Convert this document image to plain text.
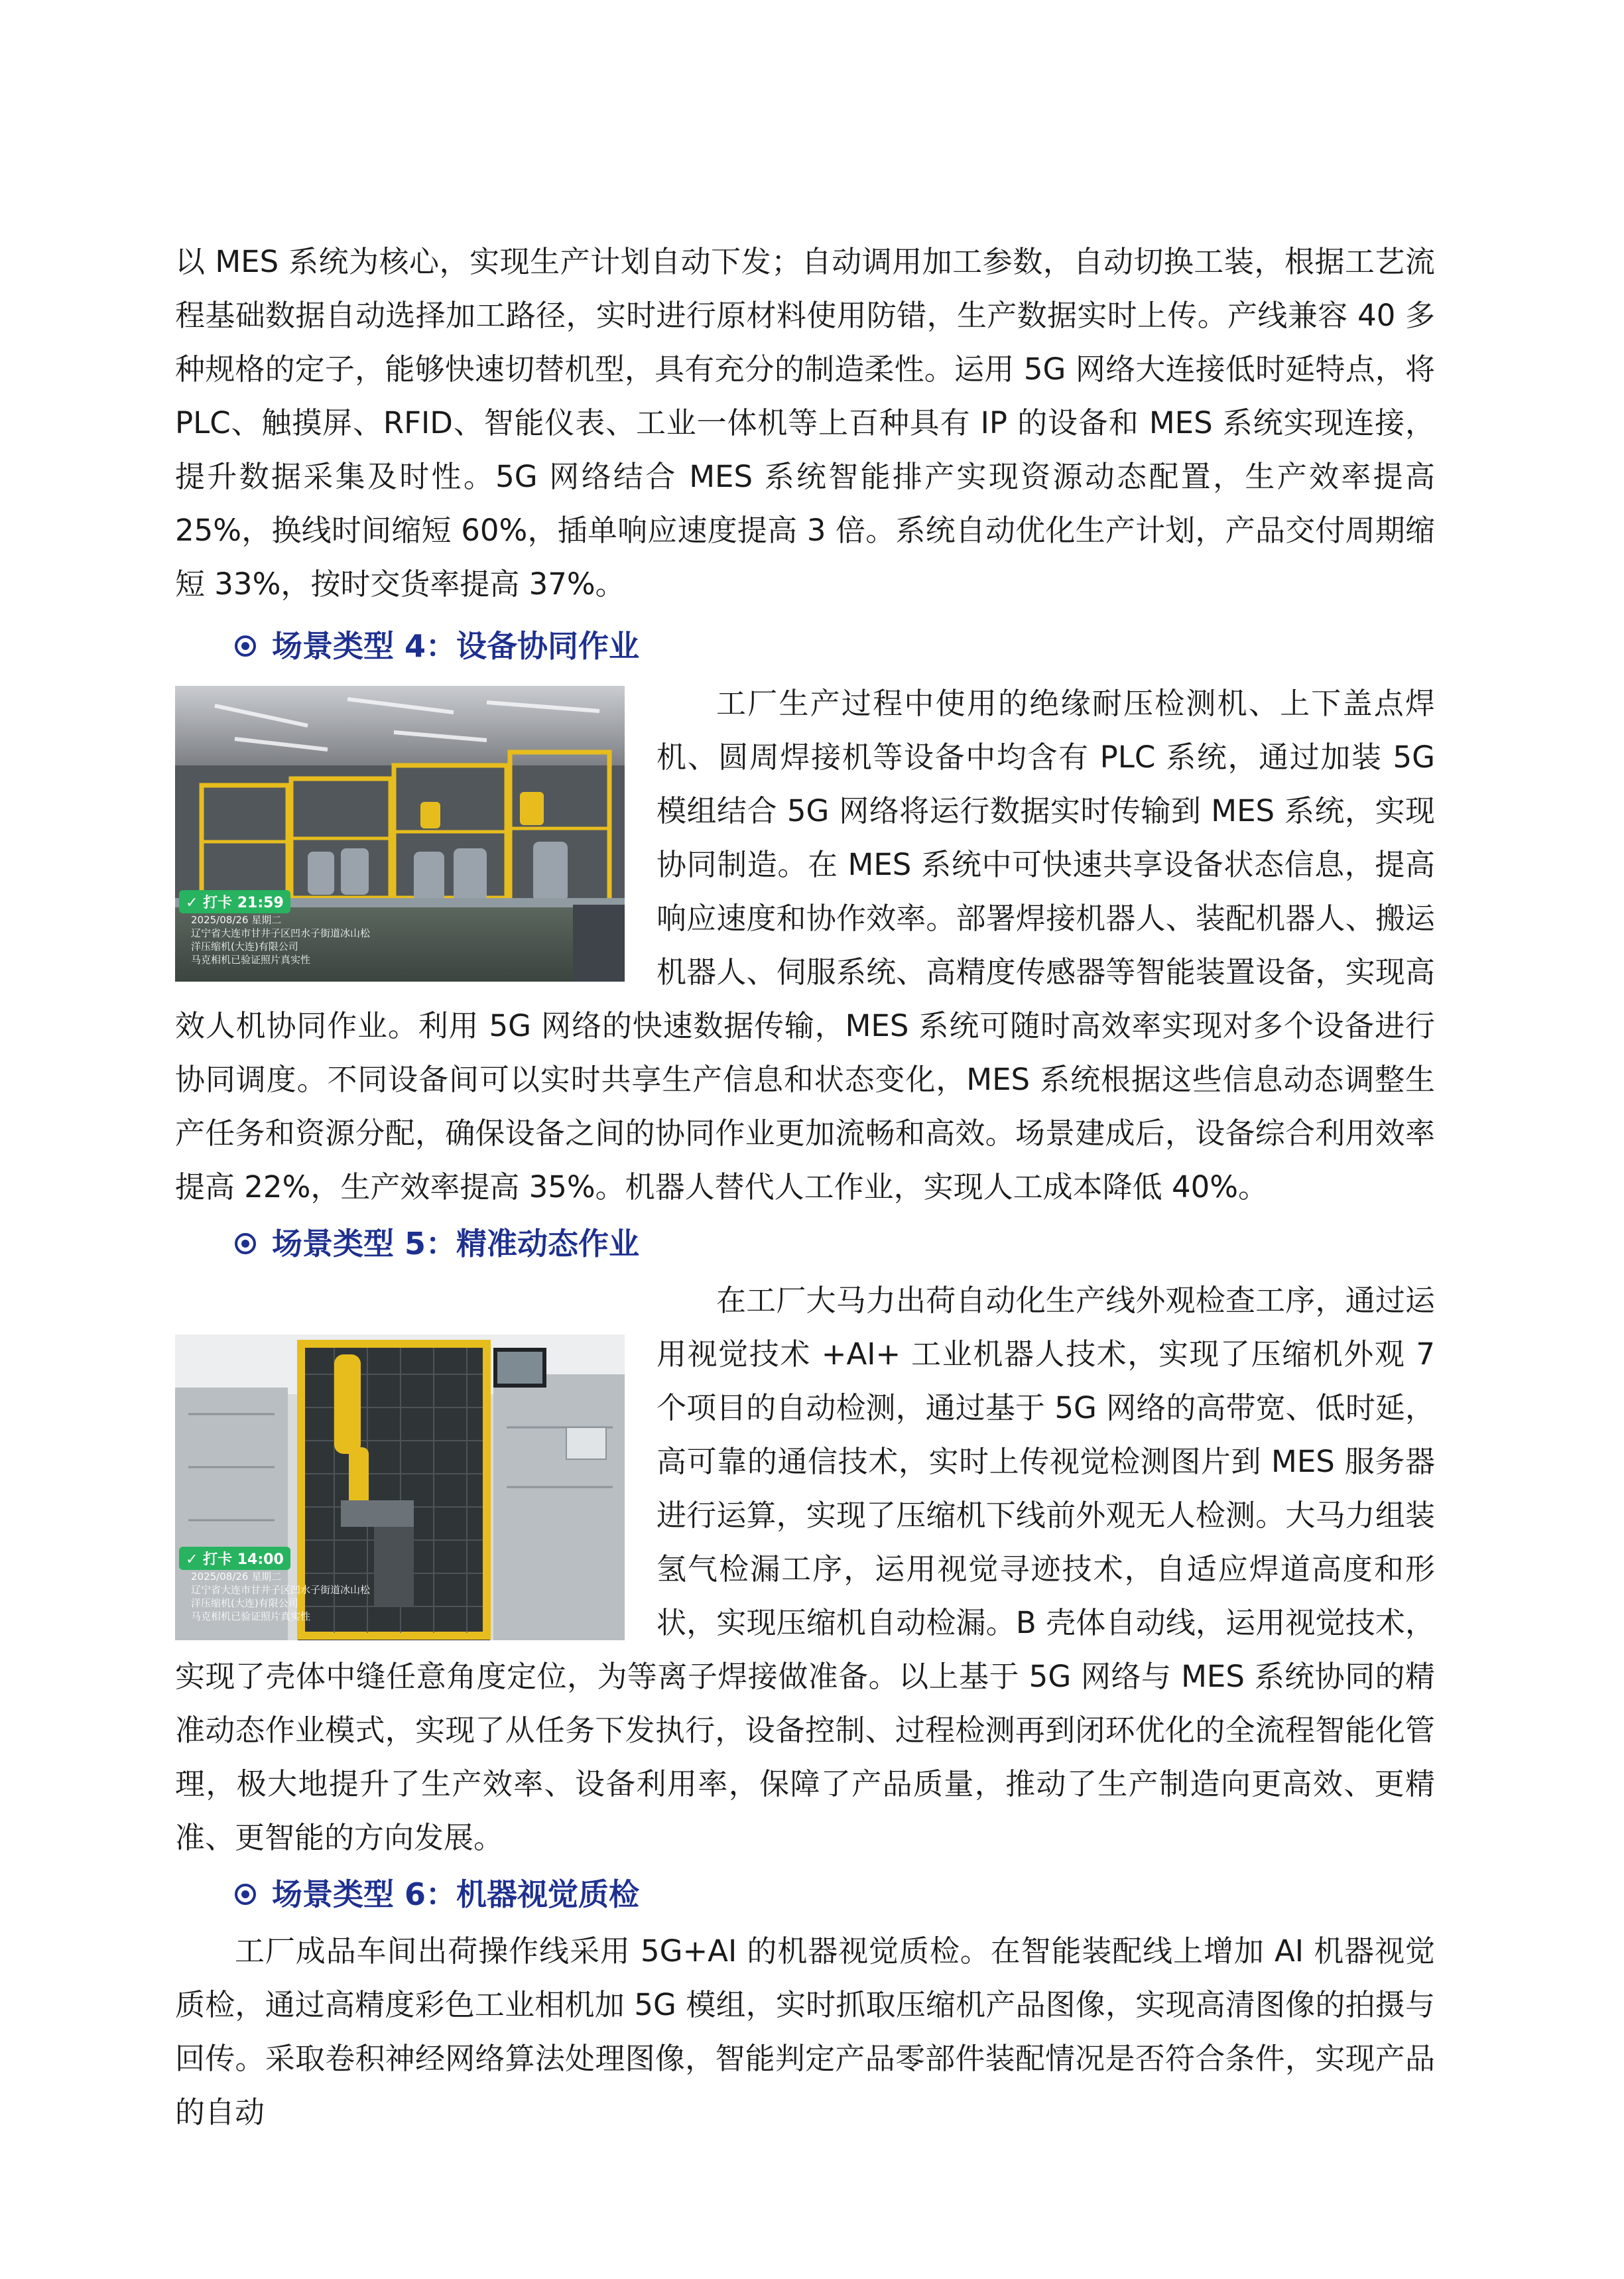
以 MES 系统为核心，实现生产计划自动下发；自动调用加工参数，自动切换工装，根据工艺流程基础数据自动选择加工路径，实时进行原材料使用防错，生产数据实时上传。产线兼容 40 多种规格的定子，能够快速切替机型，具有充分的制造柔性。运用 5G 网络大连接低时延特点，将 PLC、触摸屏、RFID、智能仪表、工业一体机等上百种具有 IP 的设备和 MES 系统实现连接，提升数据采集及时性。5G 网络结合 MES 系统智能排产实现资源动态配置，生产效率提高 25%，换线时间缩短 60%，插单响应速度提高 3 倍。系统自动优化生产计划，产品交付周期缩短 33%，按时交货率提高 37%。

场景类型 4：设备协同作业
✓ 打卡 21:59
2025/08/26 星期二
辽宁省大连市甘井子区凹水子街道冰山松
洋压缩机(大连)有限公司
马克相机已验证照片真实性

工厂生产过程中使用的绝缘耐压检测机、上下盖点焊机、圆周焊接机等设备中均含有 PLC 系统，通过加装 5G 模组结合 5G 网络将运行数据实时传输到 MES 系统，实现协同制造。在 MES 系统中可快速共享设备状态信息，提高响应速度和协作效率。部署焊接机器人、装配机器人、搬运机器人、伺服系统、高精度传感器等智能装置设备，实现高效人机协同作业。利用 5G 网络的快速数据传输，MES 系统可随时高效率实现对多个设备进行协同调度。不同设备间可以实时共享生产信息和状态变化，MES 系统根据这些信息动态调整生产任务和资源分配，确保设备之间的协同作业更加流畅和高效。场景建成后，设备综合利用效率提高 22%，生产效率提高 35%。机器人替代人工作业，实现人工成本降低 40%。

场景类型 5：精准动态作业
✓ 打卡 14:00
2025/08/26 星期二
辽宁省大连市甘井子区凹水子街道冰山松
洋压缩机(大连)有限公司
马克相机已验证照片真实性

在工厂大马力出荷自动化生产线外观检查工序，通过运用视觉技术 +AI+ 工业机器人技术，实现了压缩机外观 7 个项目的自动检测，通过基于 5G 网络的高带宽、低时延，高可靠的通信技术，实时上传视觉检测图片到 MES 服务器进行运算，实现了压缩机下线前外观无人检测。大马力组装氢气检漏工序，运用视觉寻迹技术，自适应焊道高度和形状，实现压缩机自动检漏。B 壳体自动线，运用视觉技术，实现了壳体中缝任意角度定位，为等离子焊接做准备。以上基于 5G 网络与 MES 系统协同的精准动态作业模式，实现了从任务下发执行，设备控制、过程检测再到闭环优化的全流程智能化管理，极大地提升了生产效率、设备利用率，保障了产品质量，推动了生产制造向更高效、更精准、更智能的方向发展。

场景类型 6：机器视觉质检

工厂成品车间出荷操作线采用 5G+AI 的机器视觉质检。在智能装配线上增加 AI 机器视觉质检，通过高精度彩色工业相机加 5G 模组，实时抓取压缩机产品图像，实现高清图像的拍摄与回传。采取卷积神经网络算法处理图像，智能判定产品零部件装配情况是否符合条件，实现产品的自动
